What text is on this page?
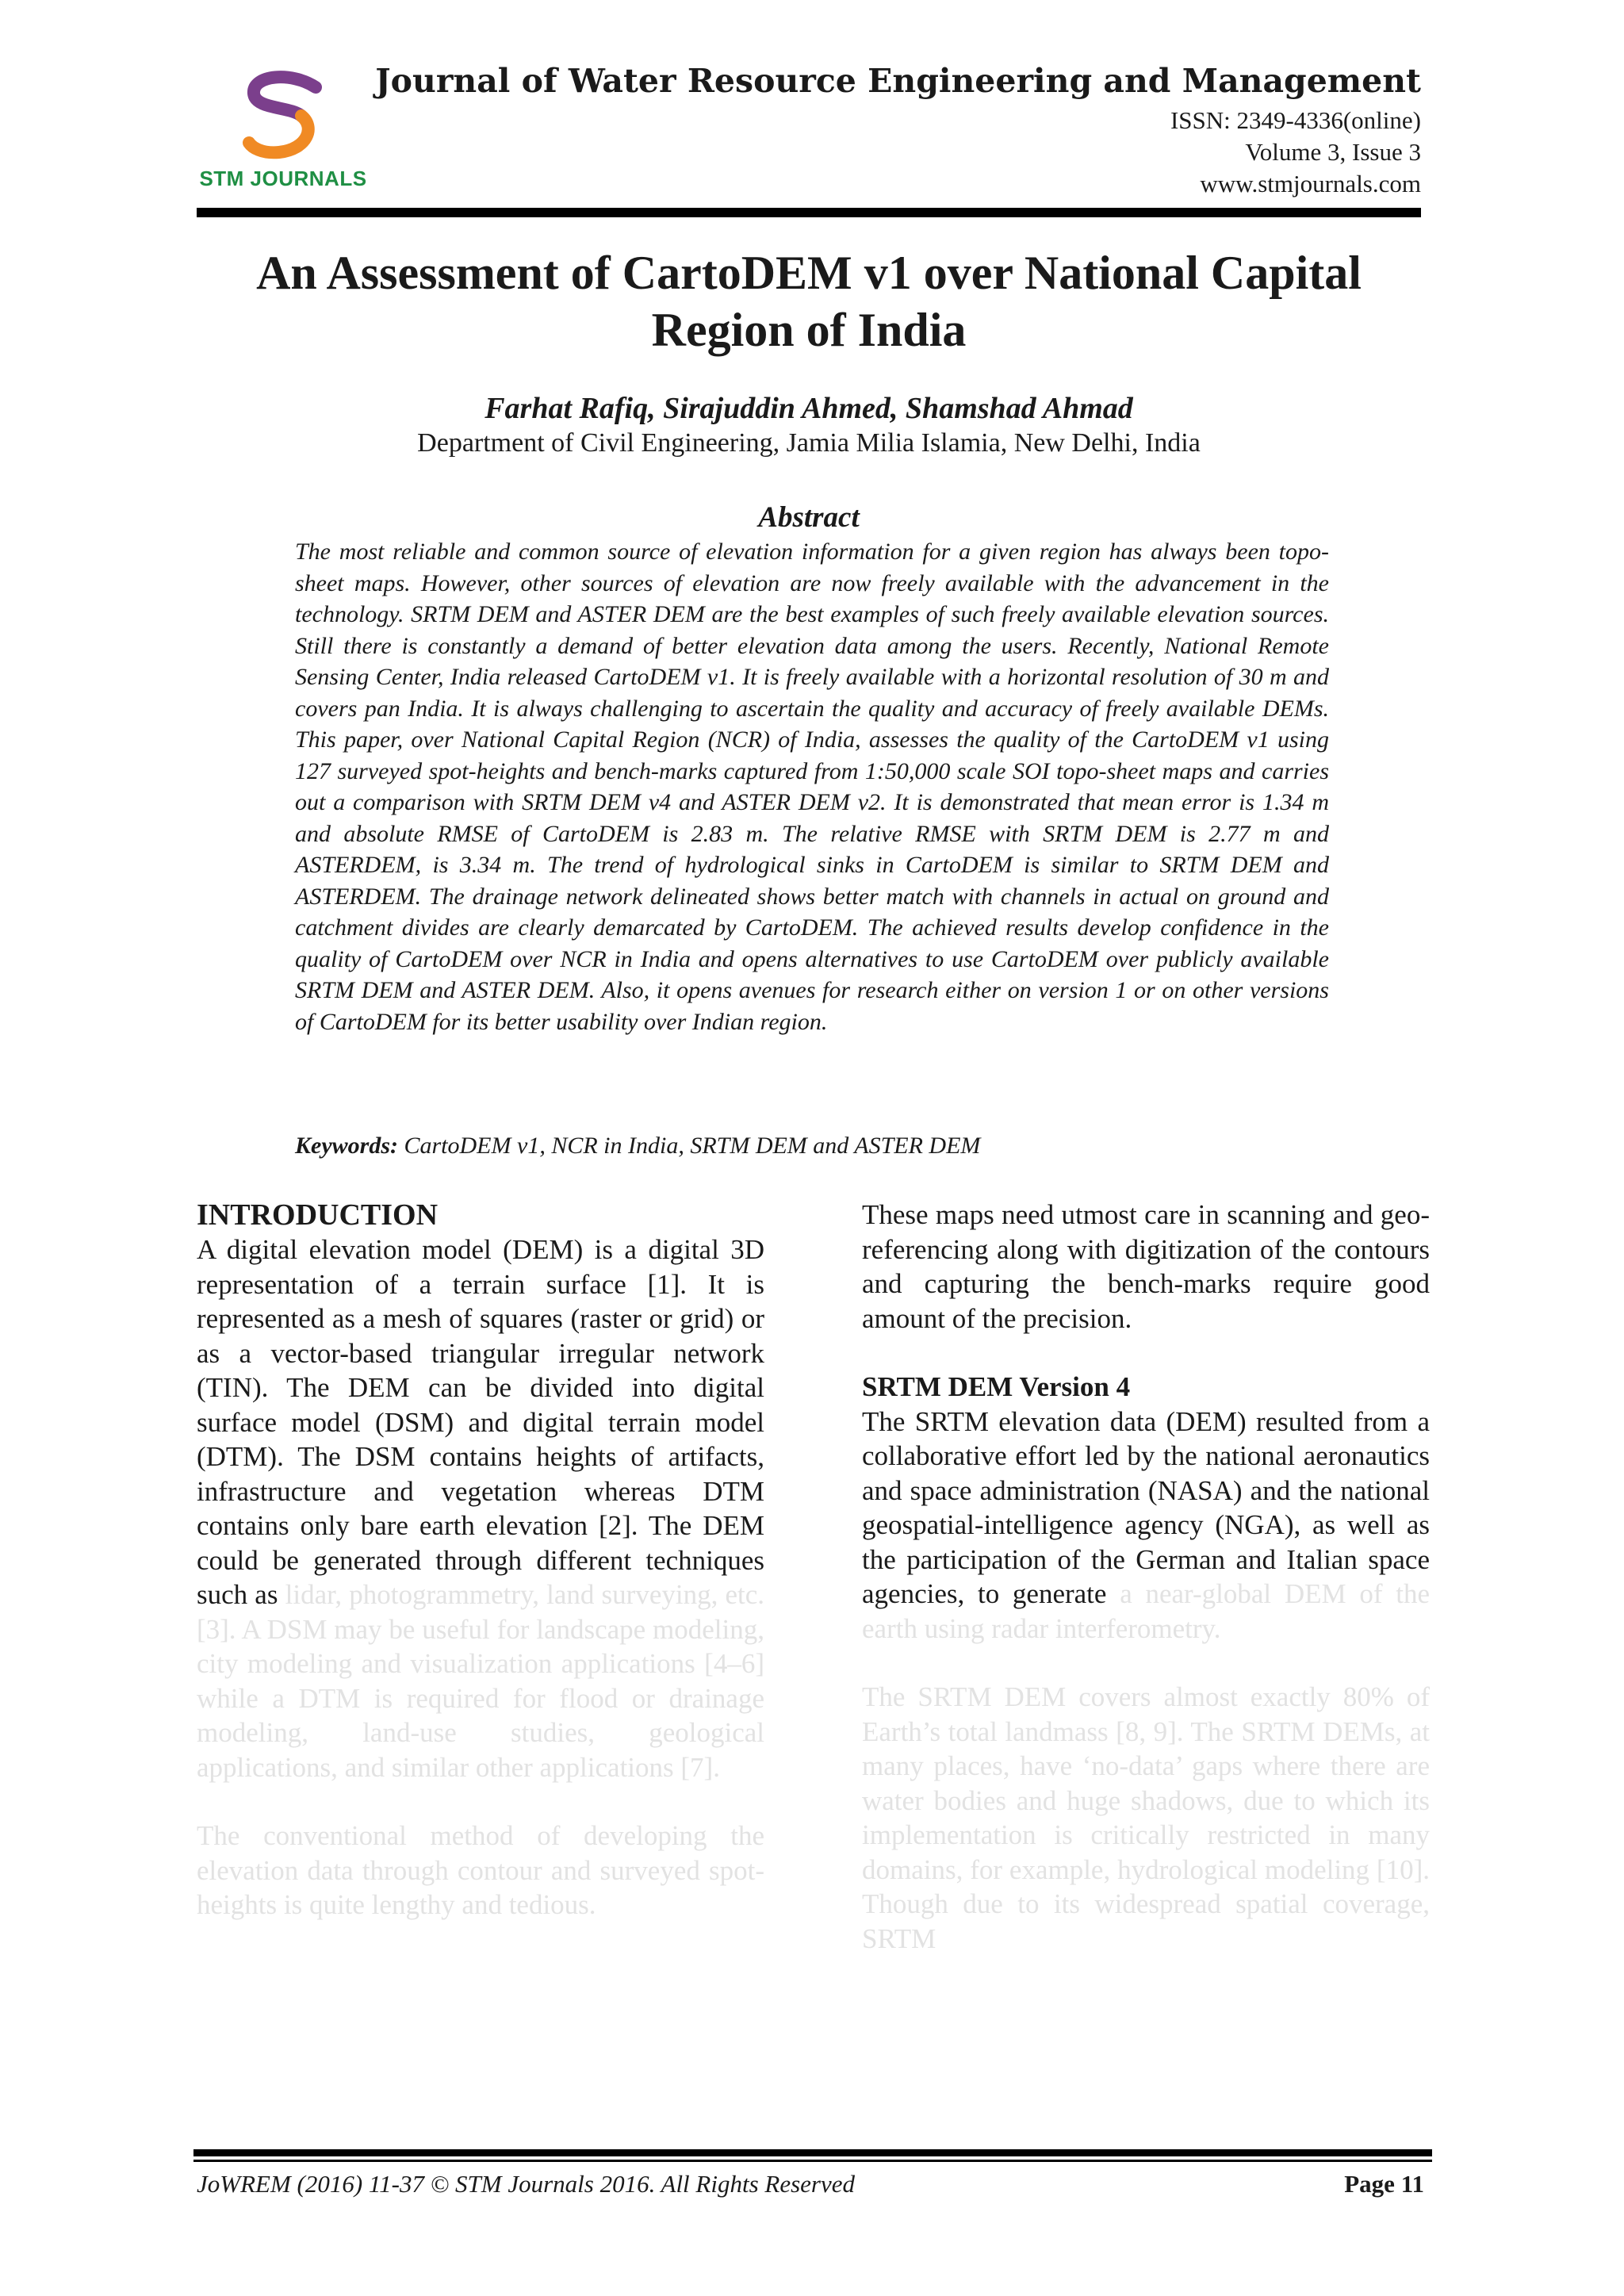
STM JOURNALS
Journal of Water Resource Engineering and Management
ISSN: 2349-4336(online)
Volume 3, Issue 3
www.stmjournals.com
An Assessment of CartoDEM v1 over National Capital
Region of India
Farhat Rafiq, Sirajuddin Ahmed, Shamshad Ahmad
Department of Civil Engineering, Jamia Milia Islamia, New Delhi, India
Abstract

The most reliable and common source of elevation information for a given region has always been topo-sheet maps. However, other sources of elevation are now freely available with the advancement in the technology. SRTM DEM and ASTER DEM are the best examples of such freely available elevation sources. Still there is constantly a demand of better elevation data among the users. Recently, National Remote Sensing Center, India released CartoDEM v1. It is freely available with a horizontal resolution of 30 m and covers pan India. It is always challenging to ascertain the quality and accuracy of freely available DEMs. This paper, over National Capital Region (NCR) of India, assesses the quality of the CartoDEM v1 using 127 surveyed spot-heights and bench-marks captured from 1:50,000 scale SOI topo-sheet maps and carries out a comparison with SRTM DEM v4 and ASTER DEM v2. It is demonstrated that mean error is 1.34 m and absolute RMSE of CartoDEM is 2.83 m. The relative RMSE with SRTM DEM is 2.77 m and ASTERDEM, is 3.34 m. The trend of hydrological sinks in CartoDEM is similar to SRTM DEM and ASTERDEM. The drainage network delineated shows better match with channels in actual on ground and catchment divides are clearly demarcated by CartoDEM. The achieved results develop confidence in the quality of CartoDEM over NCR in India and opens alternatives to use CartoDEM over publicly available SRTM DEM and ASTER DEM. Also, it opens avenues for research either on version 1 or on other versions of CartoDEM for its better usability over Indian region.

Keywords: CartoDEM v1, NCR in India, SRTM DEM and ASTER DEM
INTRODUCTION

A digital elevation model (DEM) is a digital 3D representation of a terrain surface [1]. It is represented as a mesh of squares (raster or grid) or as a vector-based triangular irregular network (TIN). The DEM can be divided into digital surface model (DSM) and digital terrain model (DTM). The DSM contains heights of artifacts, infrastructure and vegetation whereas DTM contains only bare earth elevation [2]. The DEM could be generated through different techniques such as lidar, photogrammetry, land surveying, etc. [3]. A DSM may be useful for landscape modeling, city modeling and visualization applications [4–6] while a DTM is required for flood or drainage modeling, land-use studies, geological applications, and similar other applications [7].

The conventional method of developing the elevation data through contour and surveyed spot-heights is quite lengthy and tedious.

These maps need utmost care in scanning and geo-referencing along with digitization of the contours and capturing the bench-marks require good amount of the precision.

SRTM DEM Version 4

The SRTM elevation data (DEM) resulted from a collaborative effort led by the national aeronautics and space administration (NASA) and the national geospatial-intelligence agency (NGA), as well as the participation of the German and Italian space agencies, to generate a near-global DEM of the earth using radar interferometry.

The SRTM DEM covers almost exactly 80% of Earth’s total landmass [8, 9]. The SRTM DEMs, at many places, have ‘no-data’ gaps where there are water bodies and huge shadows, due to which its implementation is critically restricted in many domains, for example, hydrological modeling [10]. Though due to its widespread spatial coverage, SRTM

JoWREM (2016) 11-37 © STM Journals 2016. All Rights Reserved	Page 11
